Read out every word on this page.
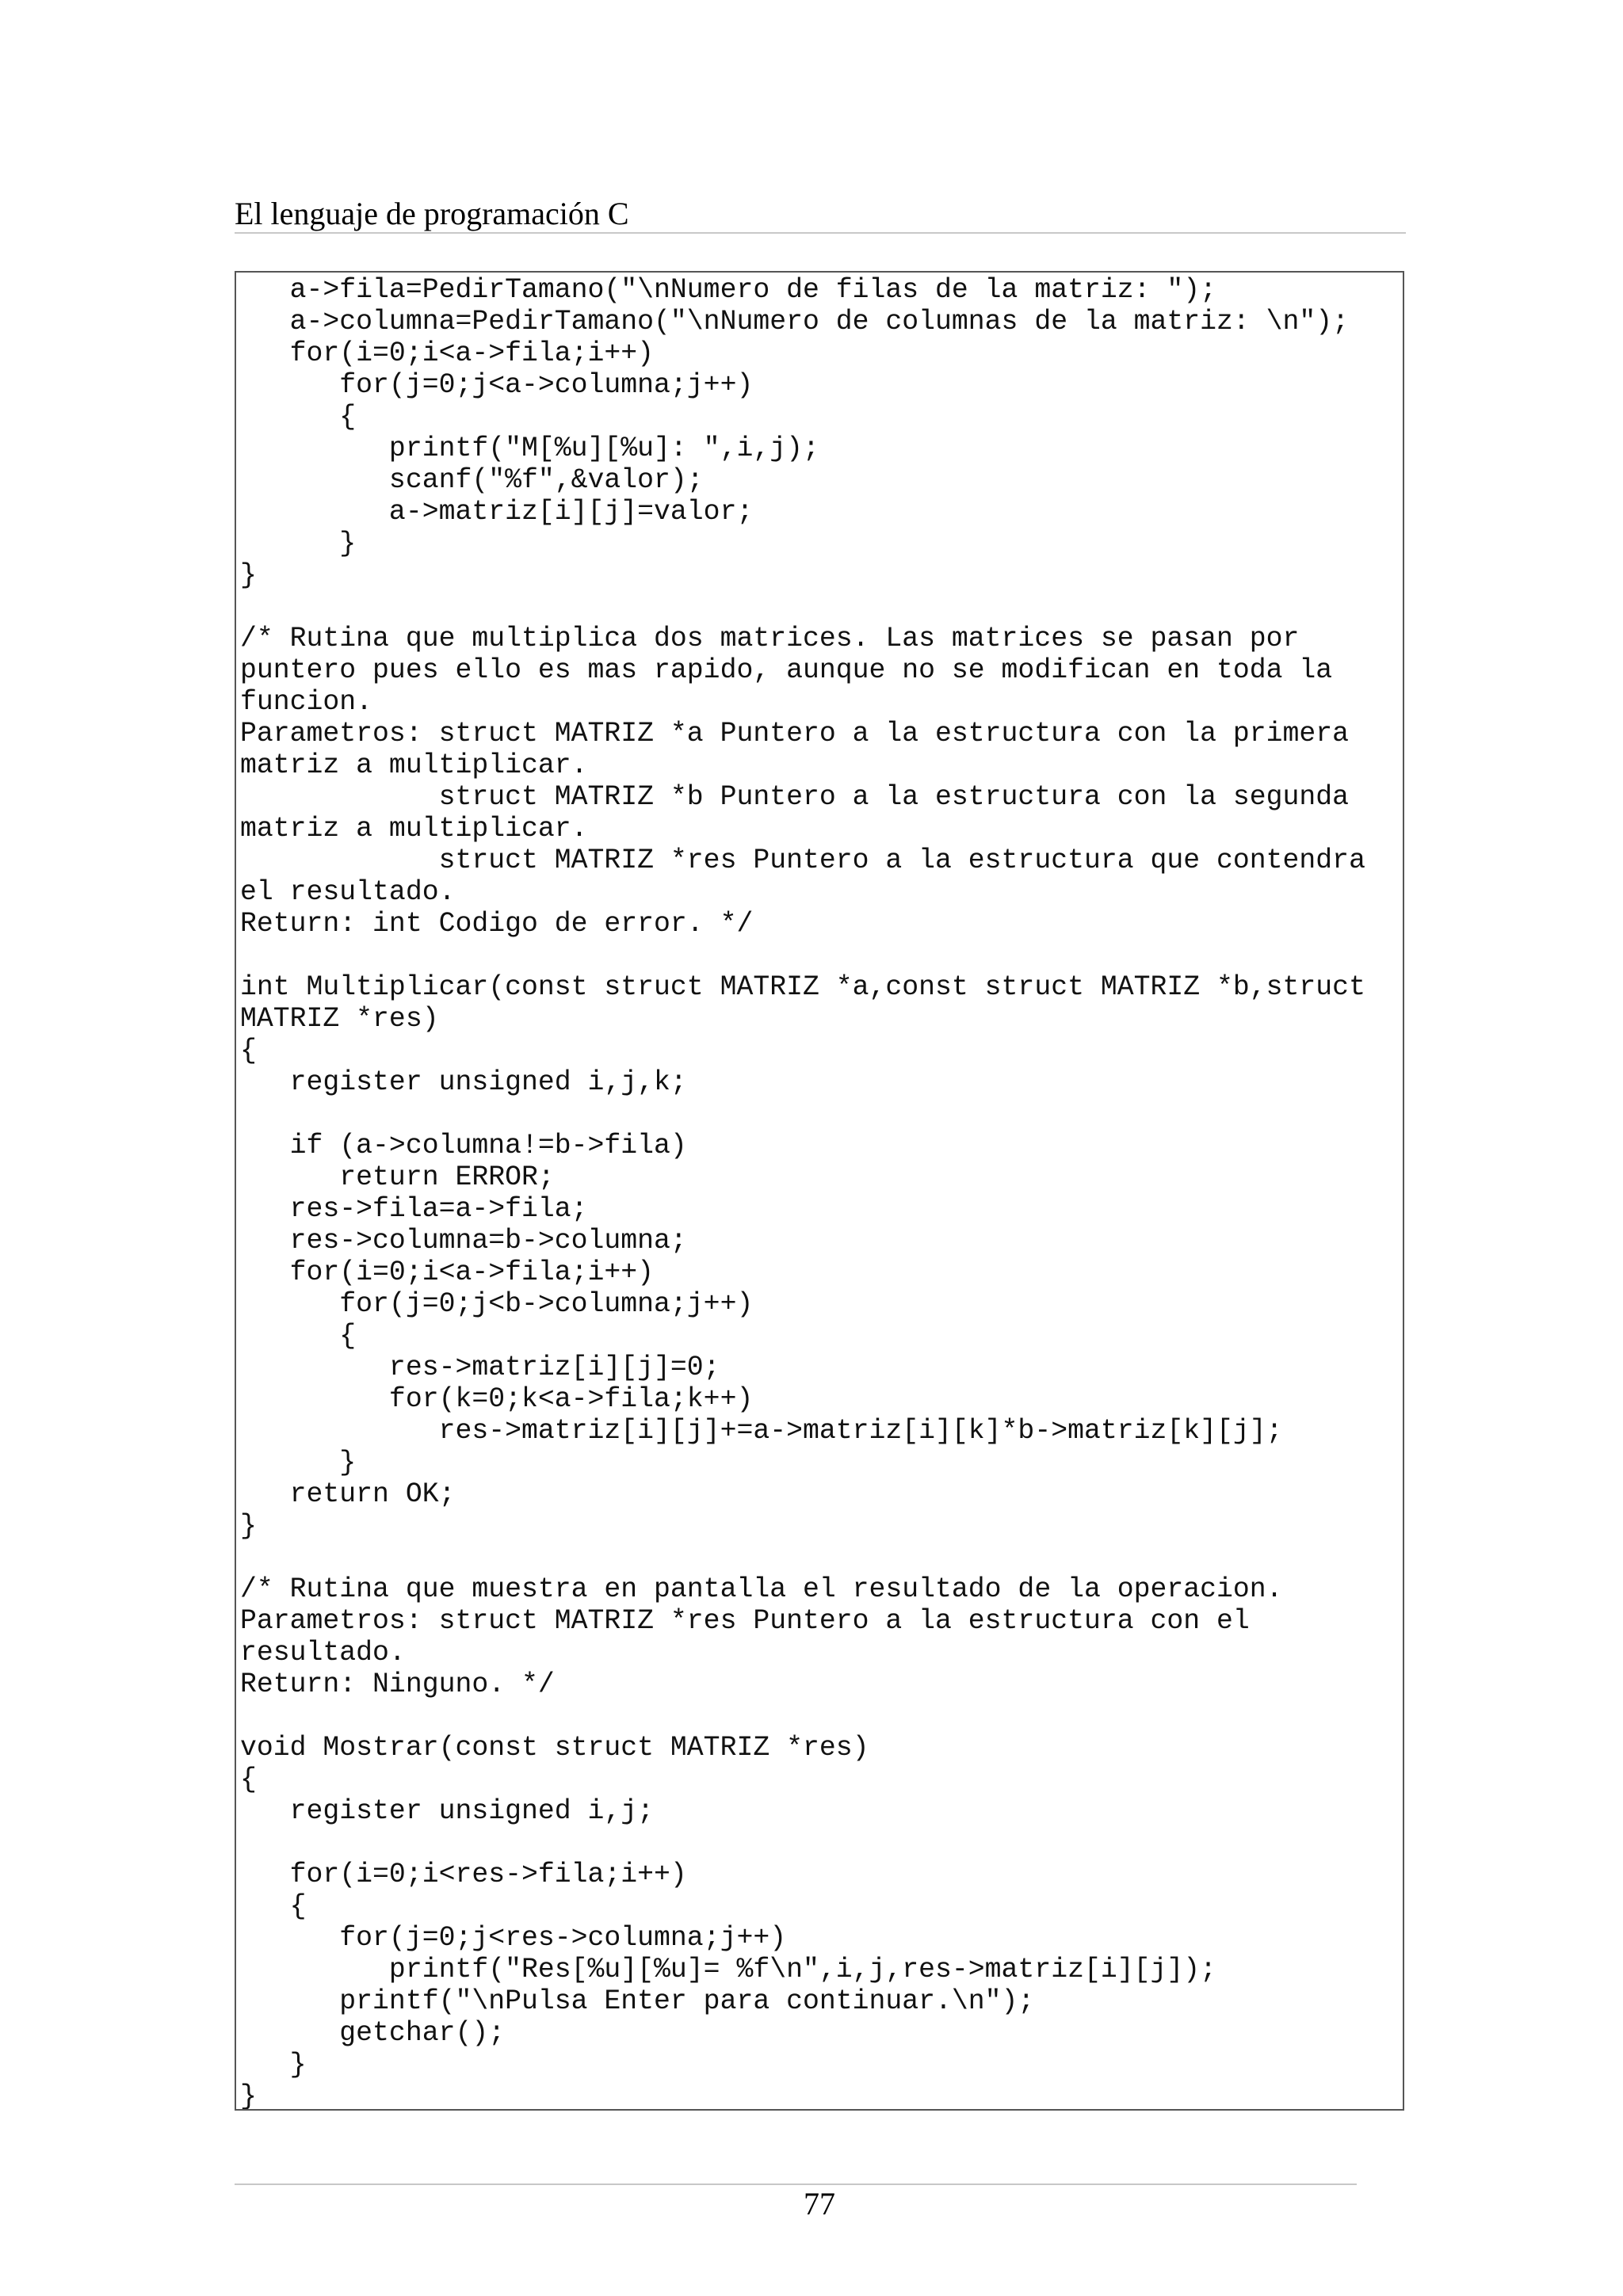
El lenguaje de programación C
a->fila=PedirTamano("\nNumero de filas de la matriz: ");
a->columna=PedirTamano("\nNumero de columnas de la matriz: \n");
for(i=0;i<a->fila;i++)
for(j=0;j<a->columna;j++)
{
printf("M[%u][%u]: ",i,j);
scanf("%f",&valor);
a->matriz[i][j]=valor;
}
}
/* Rutina que multiplica dos matrices. Las matrices se pasan por
puntero pues ello es mas rapido, aunque no se modifican en toda la
funcion.
Parametros: struct MATRIZ *a Puntero a la estructura con la primera
matriz a multiplicar.
struct MATRIZ *b Puntero a la estructura con la segunda
matriz a multiplicar.
struct MATRIZ *res Puntero a la estructura que contendra
el resultado.
Return: int Codigo de error. */
int Multiplicar(const struct MATRIZ *a,const struct MATRIZ *b,struct
MATRIZ *res)
{
register unsigned i,j,k;
if (a->columna!=b->fila)
return ERROR;
res->fila=a->fila;
res->columna=b->columna;
for(i=0;i<a->fila;i++)
for(j=0;j<b->columna;j++)
{
res->matriz[i][j]=0;
for(k=0;k<a->fila;k++)
res->matriz[i][j]+=a->matriz[i][k]*b->matriz[k][j];
}
return OK;
}
/* Rutina que muestra en pantalla el resultado de la operacion.
Parametros: struct MATRIZ *res Puntero a la estructura con el
resultado.
Return: Ninguno. */
void Mostrar(const struct MATRIZ *res)
{
register unsigned i,j;
for(i=0;i<res->fila;i++)
{
for(j=0;j<res->columna;j++)
printf("Res[%u][%u]= %f\n",i,j,res->matriz[i][j]);
printf("\nPulsa Enter para continuar.\n");
getchar();
}
}
77
